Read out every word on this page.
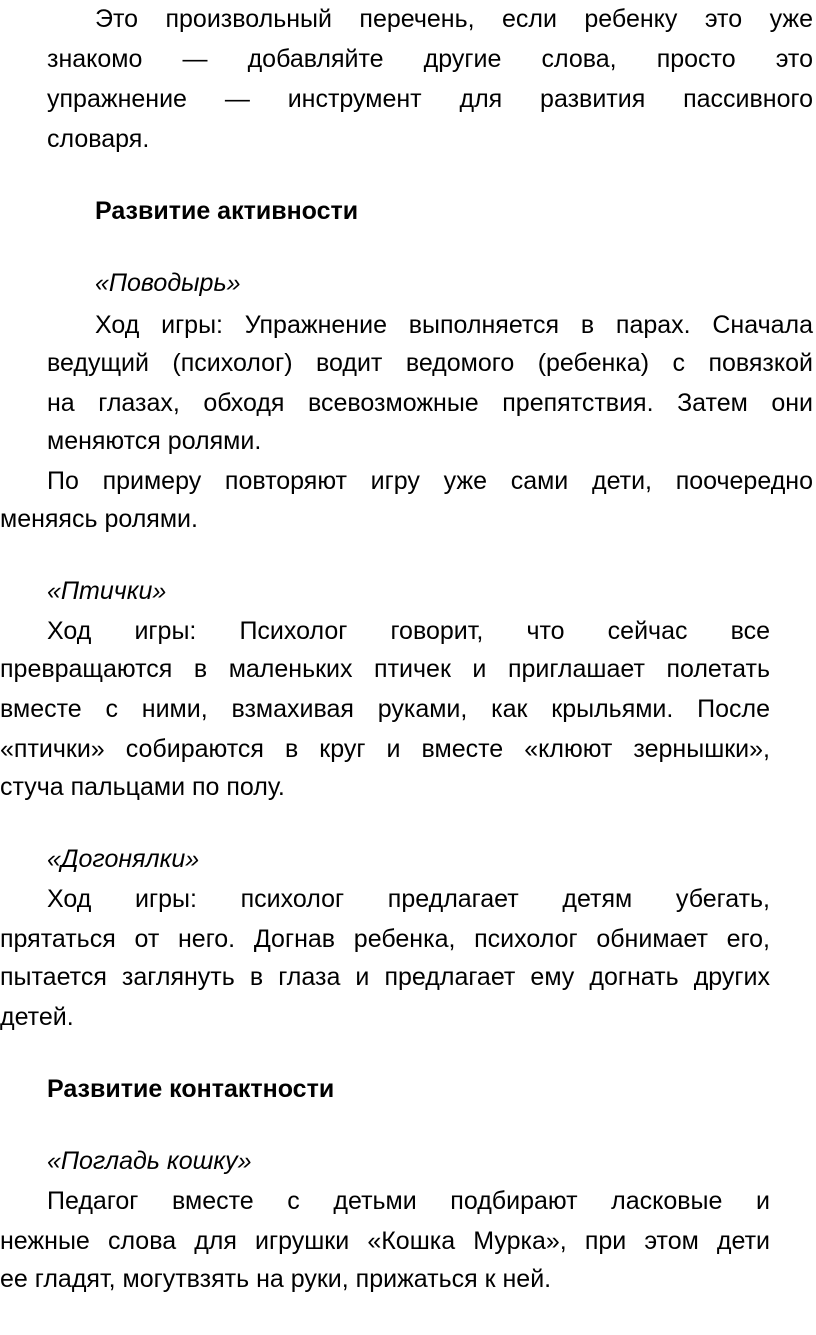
Это произвольный перечень, если ребенку это уже
знакомо — добавляйте другие слова, просто это
упражнение — инструмент для развития пассивного
словаря.
Развитие активности
«Поводырь»
Ход игры: Упражнение выполняется в парах. Сначала
ведущий (психолог) водит ведомого (ребенка) с повязкой
на глазах, обходя всевозможные препятствия. Затем они
меняются ролями.
По примеру повторяют игру уже сами дети, поочередно
меняясь ролями.
«Птички»
Ход игры: Психолог говорит, что сейчас все
превращаются в маленьких птичек и приглашает полетать
вместе с ними, взмахивая руками, как крыльями. После
«птички» собираются в круг и вместе «клюют зернышки»,
стуча пальцами по полу.
«Догонялки»
Ход игры: психолог предлагает детям убегать,
прятаться от него. Догнав ребенка, психолог обнимает его,
пытается заглянуть в глаза и предлагает ему догнать других
детей.
Развитие контактности
«Погладь кошку»
Педагог вместе с детьми подбирают ласковые и
нежные слова для игрушки «Кошка Мурка», при этом дети
ее гладят, могутвзять на руки, прижаться к ней.
